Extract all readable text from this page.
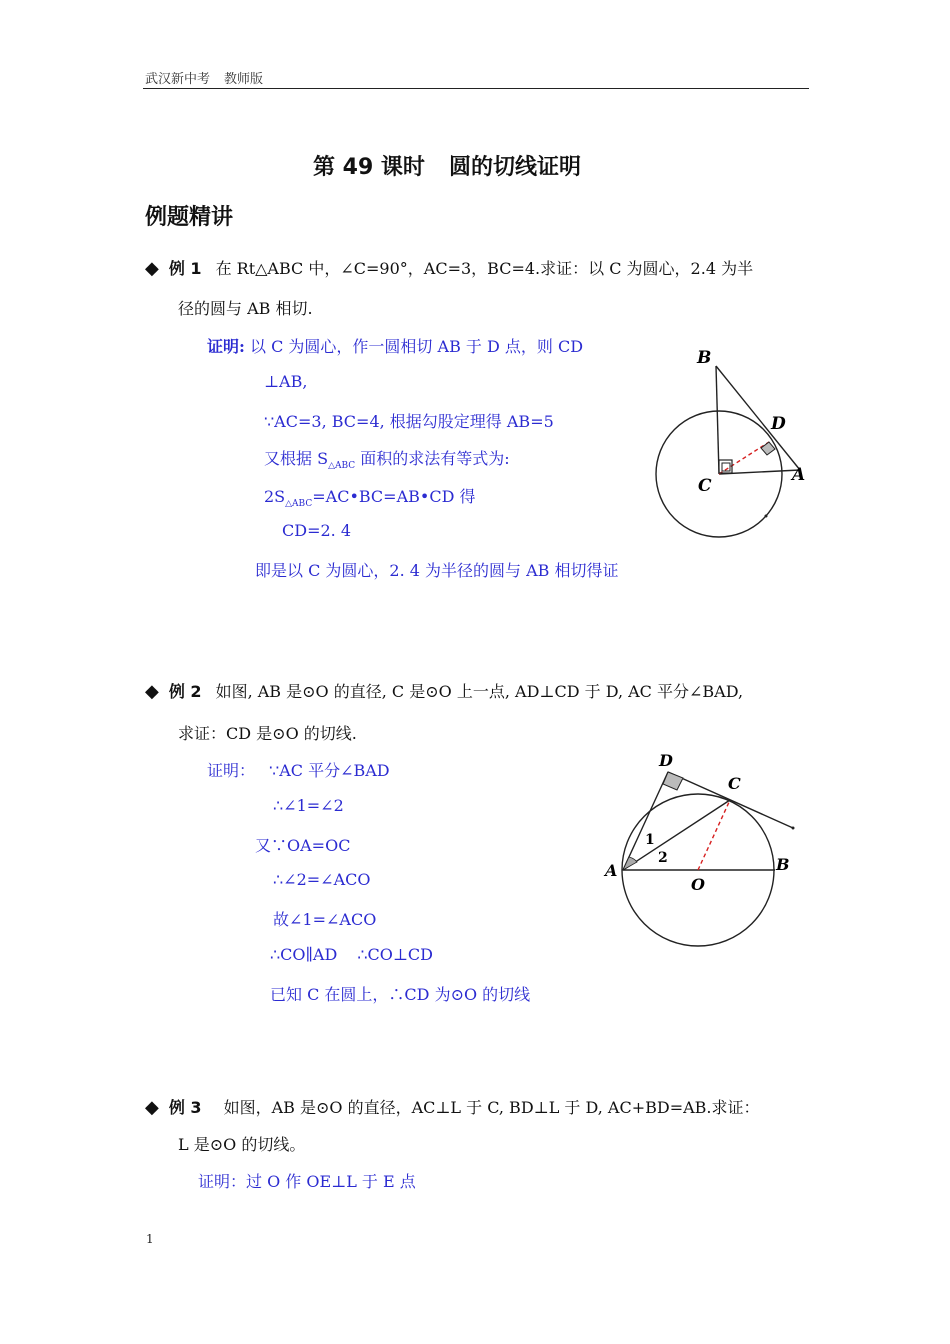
武汉新中考 教师版
第 49 课时 圆的切线证明
例题精讲
◆ 例 1 在 Rt△ABC 中，∠C=90°，AC=3，BC=4.求证：以 C 为圆心，2.4 为半
径的圆与 AB 相切.
证明: 以 C 为圆心，作一圆相切 AB 于 D 点，则 CD
⊥AB,
∵AC=3, BC=4, 根据勾股定理得 AB=5
又根据 $S_{\triangle ABC}$ 面积的求法有等式为:
$2S_{\triangle ABC}=AC•BC=AB•CD$ 得
CD=2. 4
即是以 C 为圆心，2. 4 为半径的圆与 AB 相切得证
B
D
C
A
◆ 例 2 如图, AB 是⊙O 的直径, C 是⊙O 上一点, AD⊥CD 于 D, AC 平分∠BAD,
求证：CD 是⊙O 的切线.
证明： ∵AC 平分∠BAD
∴∠1=∠2
又∵OA=OC
∴∠2=∠ACO
故∠1=∠ACO
∴CO∥AD ∴CO⊥CD
已知 C 在圆上，∴CD 为⊙O 的切线
D
C
A	B
O
1
2
◆ 例 3 如图，AB 是⊙O 的直径，AC⊥L 于 C, BD⊥L 于 D, AC+BD=AB.求证：
L 是⊙O 的切线。
证明：过 O 作 OE⊥L 于 E 点
1
